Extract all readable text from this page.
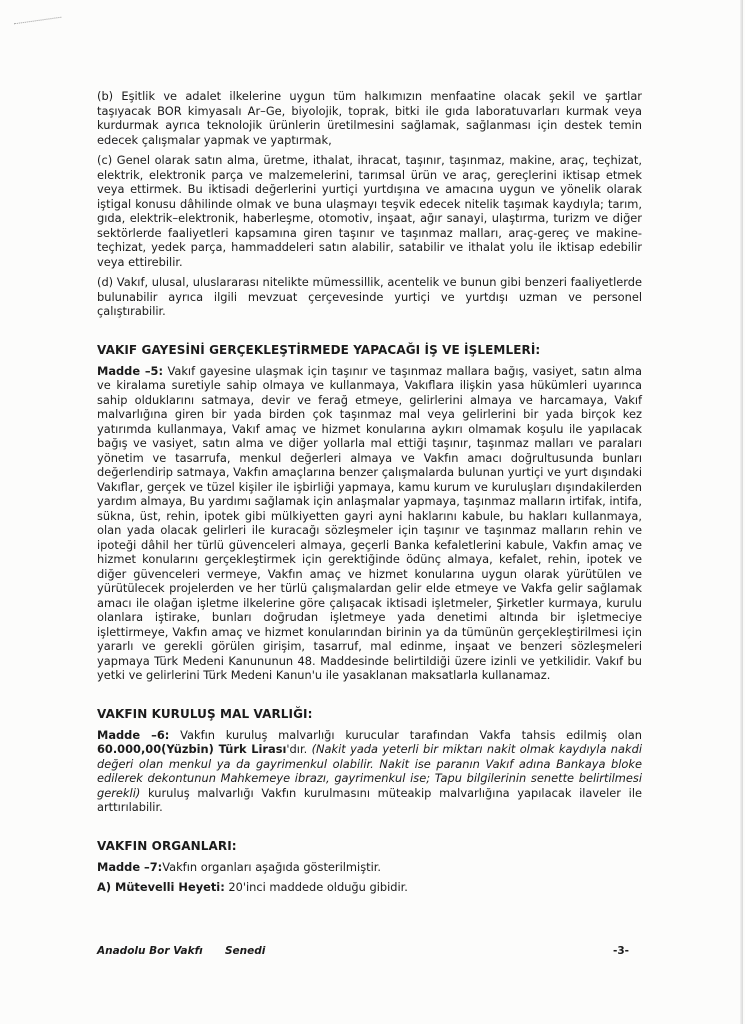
(b) Eşitlik ve adalet ilkelerine uygun tüm halkımızın menfaatine olacak şekil ve şartlar taşıyacak BOR kimyasalı Ar–Ge, biyolojik, toprak, bitki ile gıda laboratuvarları kurmak veya kurdurmak ayrıca teknolojik ürünlerin üretilmesini sağlamak, sağlanması için destek temin edecek çalışmalar yapmak ve yaptırmak,

(c) Genel olarak satın alma, üretme, ithalat, ihracat, taşınır, taşınmaz, makine, araç, teçhizat, elektrik, elektronik parça ve malzemelerini, tarımsal ürün ve araç, gereçlerini iktisap etmek veya ettirmek. Bu iktisadi değerlerini yurtiçi yurtdışına ve amacına uygun ve yönelik olarak iştigal konusu dâhilinde olmak ve buna ulaşmayı teşvik edecek nitelik taşımak kaydıyla; tarım, gıda, elektrik–elektronik, haberleşme, otomotiv, inşaat, ağır sanayi, ulaştırma, turizm ve diğer sektörlerde faaliyetleri kapsamına giren taşınır ve taşınmaz malları, araç-gereç ve makine-teçhizat, yedek parça, hammaddeleri satın alabilir, satabilir ve ithalat yolu ile iktisap edebilir veya ettirebilir.

(d) Vakıf, ulusal, uluslararası nitelikte mümessillik, acentelik ve bunun gibi benzeri faaliyetlerde bulunabilir ayrıca ilgili mevzuat çerçevesinde yurtiçi ve yurtdışı uzman ve personel çalıştırabilir.

VAKIF GAYESİNİ GERÇEKLEŞTİRMEDE YAPACAĞI İŞ VE İŞLEMLERİ:

Madde –5: Vakıf gayesine ulaşmak için taşınır ve taşınmaz mallara bağış, vasiyet, satın alma ve kiralama suretiyle sahip olmaya ve kullanmaya, Vakıflara ilişkin yasa hükümleri uyarınca sahip olduklarını satmaya, devir ve ferağ etmeye, gelirlerini almaya ve harcamaya, Vakıf malvarlığına giren bir yada birden çok taşınmaz mal veya gelirlerini bir yada birçok kez yatırımda kullanmaya, Vakıf amaç ve hizmet konularına aykırı olmamak koşulu ile yapılacak bağış ve vasiyet, satın alma ve diğer yollarla mal ettiği taşınır, taşınmaz malları ve paraları yönetim ve tasarrufa, menkul değerleri almaya ve Vakfın amacı doğrultusunda bunları değerlendirip satmaya, Vakfın amaçlarına benzer çalışmalarda bulunan yurtiçi ve yurt dışındaki Vakıflar, gerçek ve tüzel kişiler ile işbirliği yapmaya, kamu kurum ve kuruluşları dışındakilerden yardım almaya, Bu yardımı sağlamak için anlaşmalar yapmaya, taşınmaz malların irtifak, intifa, sükna, üst, rehin, ipotek gibi mülkiyetten gayri ayni haklarını kabule, bu hakları kullanmaya, olan yada olacak gelirleri ile kuracağı sözleşmeler için taşınır ve taşınmaz malların rehin ve ipoteği dâhil her türlü güvenceleri almaya, geçerli Banka kefaletlerini kabule, Vakfın amaç ve hizmet konularını gerçekleştirmek için gerektiğinde ödünç almaya, kefalet, rehin, ipotek ve diğer güvenceleri vermeye, Vakfın amaç ve hizmet konularına uygun olarak yürütülen ve yürütülecek projelerden ve her türlü çalışmalardan gelir elde etmeye ve Vakfa gelir sağlamak amacı ile olağan işletme ilkelerine göre çalışacak iktisadi işletmeler, Şirketler kurmaya, kurulu olanlara iştirake, bunları doğrudan işletmeye yada denetimi altında bir işletmeciye işlettirmeye, Vakfın amaç ve hizmet konularından birinin ya da tümünün gerçekleştirilmesi için yararlı ve gerekli görülen girişim, tasarruf, mal edinme, inşaat ve benzeri sözleşmeleri yapmaya Türk Medeni Kanununun 48. Maddesinde belirtildiği üzere izinli ve yetkilidir. Vakıf bu yetki ve gelirlerini Türk Medeni Kanun'u ile yasaklanan maksatlarla kullanamaz.

VAKFIN KURULUŞ MAL VARLIĞI:

Madde –6: Vakfın kuruluş malvarlığı kurucular tarafından Vakfa tahsis edilmiş olan 60.000,00(Yüzbin) Türk Lirası'dır. (Nakit yada yeterli bir miktarı nakit olmak kaydıyla nakdi değeri olan menkul ya da gayrimenkul olabilir. Nakit ise paranın Vakıf adına Bankaya bloke edilerek dekontunun Mahkemeye ibrazı, gayrimenkul ise; Tapu bilgilerinin senette belirtilmesi gerekli) kuruluş malvarlığı Vakfın kurulmasını müteakip malvarlığına yapılacak ilaveler ile arttırılabilir.

VAKFIN ORGANLARI:

Madde –7:Vakfın organları aşağıda gösterilmiştir.

A) Mütevelli Heyeti: 20'inci maddede olduğu gibidir.

Anadolu Bor Vakfı Senedi	-3-
